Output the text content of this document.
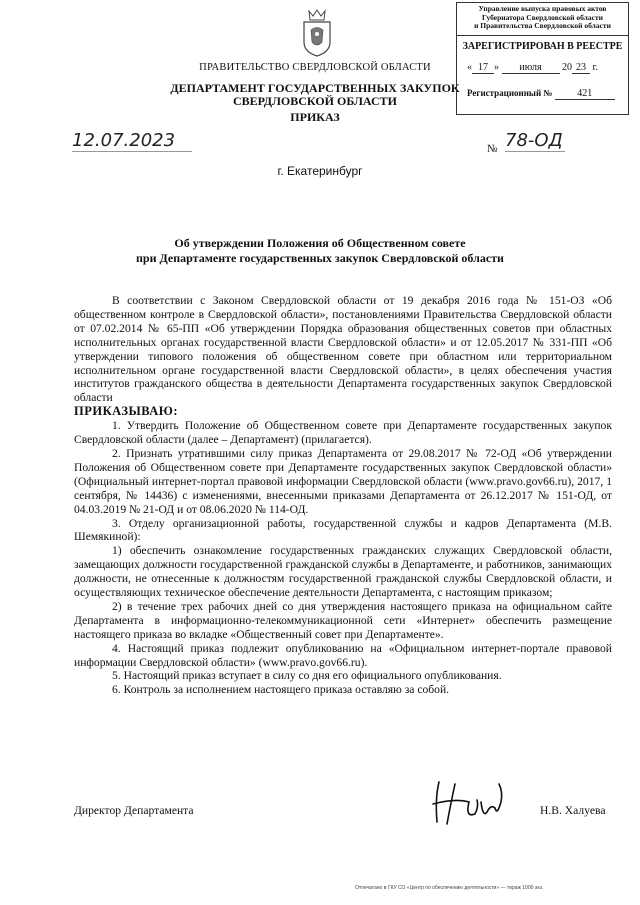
ПРАВИТЕЛЬСТВО СВЕРДЛОВСКОЙ ОБЛАСТИ
ДЕПАРТАМЕНТ ГОСУДАРСТВЕННЫХ ЗАКУПОК
СВЕРДЛОВСКОЙ ОБЛАСТИ
ПРИКАЗ
Управление выпуска правовых актов
Губернатора Свердловской области
и Правительства Свердловской области
ЗАРЕГИСТРИРОВАН В РЕЕСТРЕ
« 17 » июля 20 23 г.
Регистрационный № 421
12.07.2023	№ 78-ОД
г. Екатеринбург
Об утверждении Положения об Общественном совете
при Департаменте государственных закупок Свердловской области

В соответствии с Законом Свердловской области от 19 декабря 2016 года № 151-ОЗ «Об общественном контроле в Свердловской области», постановлениями Правительства Свердловской области от 07.02.2014 № 65-ПП «Об утверждении Порядка образования общественных советов при областных исполнительных органах государственной власти Свердловской области» и от 12.05.2017 № 331-ПП «Об утверждении типового положения об общественном совете при областном или территориальном исполнительном органе государственной власти Свердловской области», в целях обеспечения участия институтов гражданского общества в деятельности Департамента государственных закупок Свердловской области

ПРИКАЗЫВАЮ:

1. Утвердить Положение об Общественном совете при Департаменте государственных закупок Свердловской области (далее – Департамент) (прилагается).

2. Признать утратившими силу приказ Департамента от 29.08.2017 № 72-ОД «Об утверждении Положения об Общественном совете при Департаменте государственных закупок Свердловской области» (Официальный интернет-портал правовой информации Свердловской области (www.pravo.gov66.ru), 2017, 1 сентября, № 14436) с изменениями, внесенными приказами Департамента от 26.12.2017 № 151-ОД, от 04.03.2019 № 21-ОД и от 08.06.2020 № 114-ОД.

3. Отделу организационной работы, государственной службы и кадров Департамента (М.В. Шемякиной):

1) обеспечить ознакомление государственных гражданских служащих Свердловской области, замещающих должности государственной гражданской службы в Департаменте, и работников, занимающих должности, не отнесенные к должностям государственной гражданской службы Свердловской области, и осуществляющих техническое обеспечение деятельности Департамента, с настоящим приказом;

2) в течение трех рабочих дней со дня утверждения настоящего приказа на официальном сайте Департамента в информационно-телекоммуникационной сети «Интернет» обеспечить размещение настоящего приказа во вкладке «Общественный совет при Департаменте».

4. Настоящий приказ подлежит опубликованию на «Официальном интернет-портале правовой информации Свердловской области» (www.pravo.gov66.ru).

5. Настоящий приказ вступает в силу со дня его официального опубликования.

6. Контроль за исполнением настоящего приказа оставляю за собой.

Директор Департамента	Н.В. Халуева
Отпечатано в ГКУ СО «Центр по обеспечению деятельности» — тираж 1000 экз.
